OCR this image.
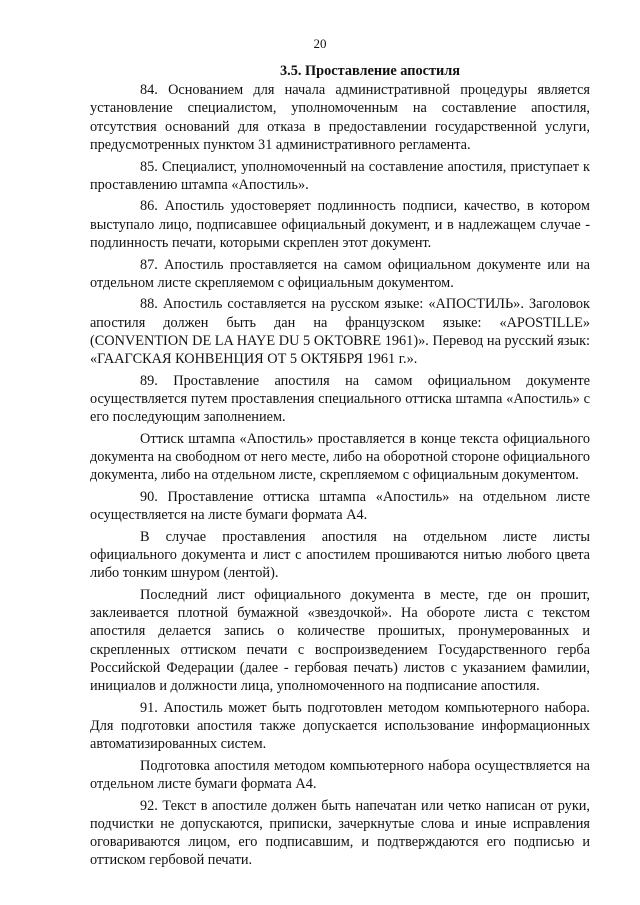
20
3.5. Проставление апостиля

84. Основанием для начала административной процедуры является установление специалистом, уполномоченным на составление апостиля, отсутствия оснований для отказа в предоставлении государственной услуги, предусмотренных пунктом 31 административного регламента.

85. Специалист, уполномоченный на составление апостиля, приступает к проставлению штампа «Апостиль».

86. Апостиль удостоверяет подлинность подписи, качество, в котором выступало лицо, подписавшее официальный документ, и в надлежащем случае - подлинность печати, которыми скреплен этот документ.

87. Апостиль проставляется на самом официальном документе или на отдельном листе скрепляемом с официальным документом.

88. Апостиль составляется на русском языке: «АПОСТИЛЬ». Заголовок апостиля должен быть дан на французском языке: «APOSTILLE» (CONVENTION DE LA HAYE DU 5 OKTOBRE 1961)». Перевод на русский язык: «ГААГСКАЯ КОНВЕНЦИЯ ОТ 5 ОКТЯБРЯ 1961 г.».

89. Проставление апостиля на самом официальном документе осуществляется путем проставления специального оттиска штампа «Апостиль» с его последующим заполнением.

Оттиск штампа «Апостиль» проставляется в конце текста официального документа на свободном от него месте, либо на оборотной стороне официального документа, либо на отдельном листе, скрепляемом с официальным документом.

90. Проставление оттиска штампа «Апостиль» на отдельном листе осуществляется на листе бумаги формата А4.

В случае проставления апостиля на отдельном листе листы официального документа и лист с апостилем прошиваются нитью любого цвета либо тонким шнуром (лентой).

Последний лист официального документа в месте, где он прошит, заклеивается плотной бумажной «звездочкой». На обороте листа с текстом апостиля делается запись о количестве прошитых, пронумерованных и скрепленных оттиском печати с воспроизведением Государственного герба Российской Федерации (далее - гербовая печать) листов с указанием фамилии, инициалов и должности лица, уполномоченного на подписание апостиля.

91. Апостиль может быть подготовлен методом компьютерного набора. Для подготовки апостиля также допускается использование информационных автоматизированных систем.

Подготовка апостиля методом компьютерного набора осуществляется на отдельном листе бумаги формата А4.

92. Текст в апостиле должен быть напечатан или четко написан от руки, подчистки не допускаются, приписки, зачеркнутые слова и иные исправления оговариваются лицом, его подписавшим, и подтверждаются его подписью и оттиском гербовой печати.
